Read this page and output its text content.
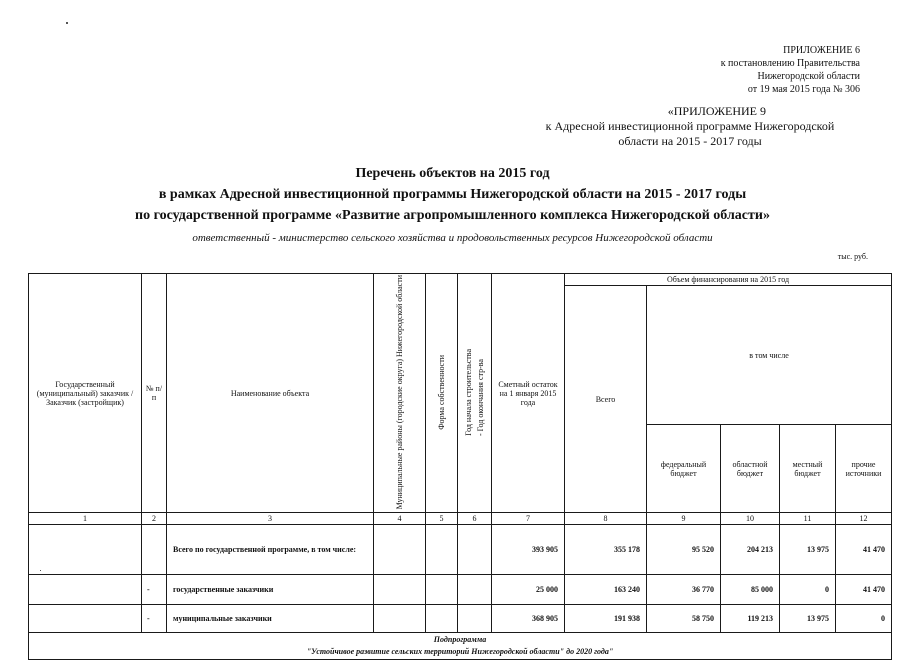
ПРИЛОЖЕНИЕ 6
к постановлению Правительства
Нижегородской области
от 19 мая 2015 года № 306
«ПРИЛОЖЕНИЕ 9
к Адресной инвестиционной программе Нижегородской
области на 2015 - 2017 годы
Перечень объектов на 2015 год
в рамках Адресной инвестиционной программы Нижегородской области на 2015 - 2017 годы
по государственной программе «Развитие агропромышленного комплекса Нижегородской области»
ответственный - министерство сельского хозяйства и продовольственных ресурсов Нижегородской области
тыс. руб.
Государственный (муниципальный) заказчик / Заказчик (застройщик)	№ п/п	Наименование объекта	Муниципальные районы (городские округа) Нижегородской области	Форма собственности	Год начала строительства - Год окончания стр-ва	Сметный остаток на 1 января 2015 года	Объем финансирования на 2015 год				
							Всего	в том числе			
								федеральный бюджет	областной бюджет	местный бюджет	прочие источники
1	2	3	4	5	6	7	8	9	10	11	12
		Всего по государственной программе, в том числе:				393 905	355 178	95 520	204 213	13 975	41 470
	-	государственные заказчики				25 000	163 240	36 770	85 000	0	41 470
	-	муниципальные заказчики				368 905	191 938	58 750	119 213	13 975	0

Подпрограмма
"Устойчивое развитие сельских территорий Нижегородской области" до 2020 года"											
